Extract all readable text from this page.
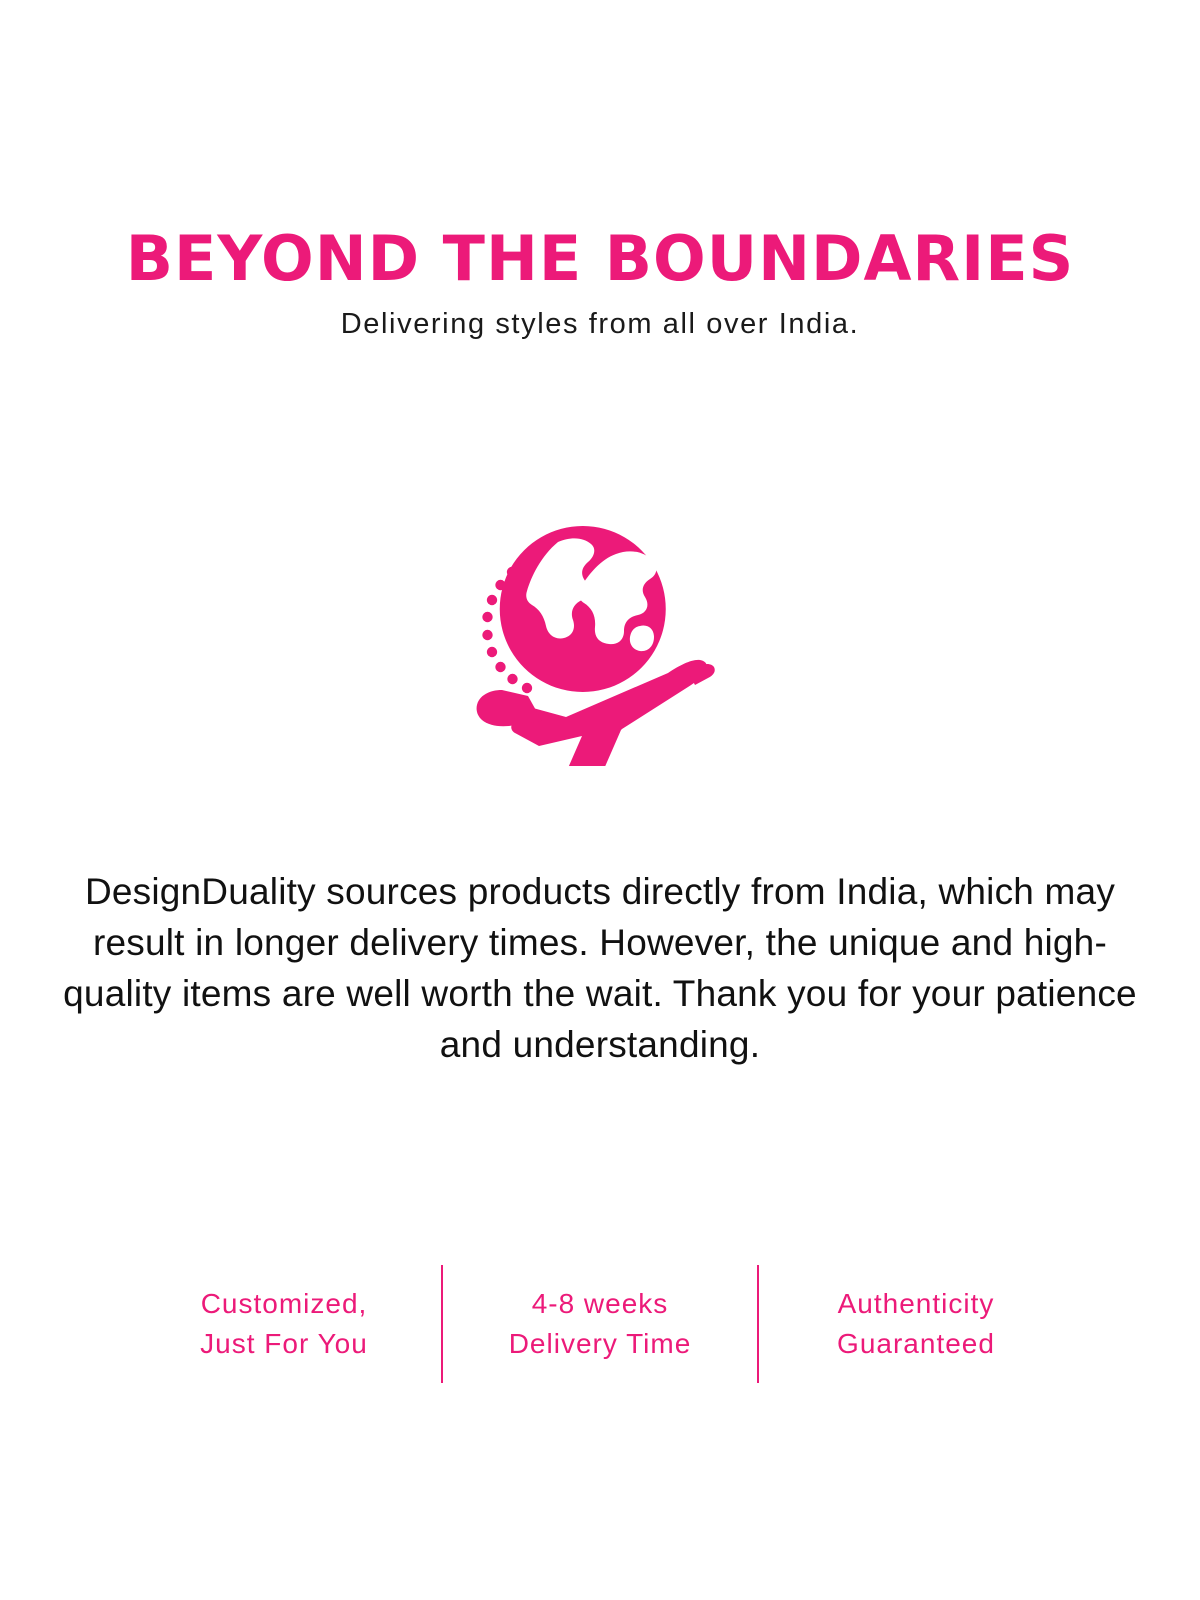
BEYOND THE BOUNDARIES
Delivering styles from all over India.
DesignDuality sources products directly from India, which may result in longer delivery times. However, the unique and high-quality items are well worth the wait. Thank you for your patience and understanding.
Customized,
Just For You
4-8 weeks
Delivery Time
Authenticity
Guaranteed
